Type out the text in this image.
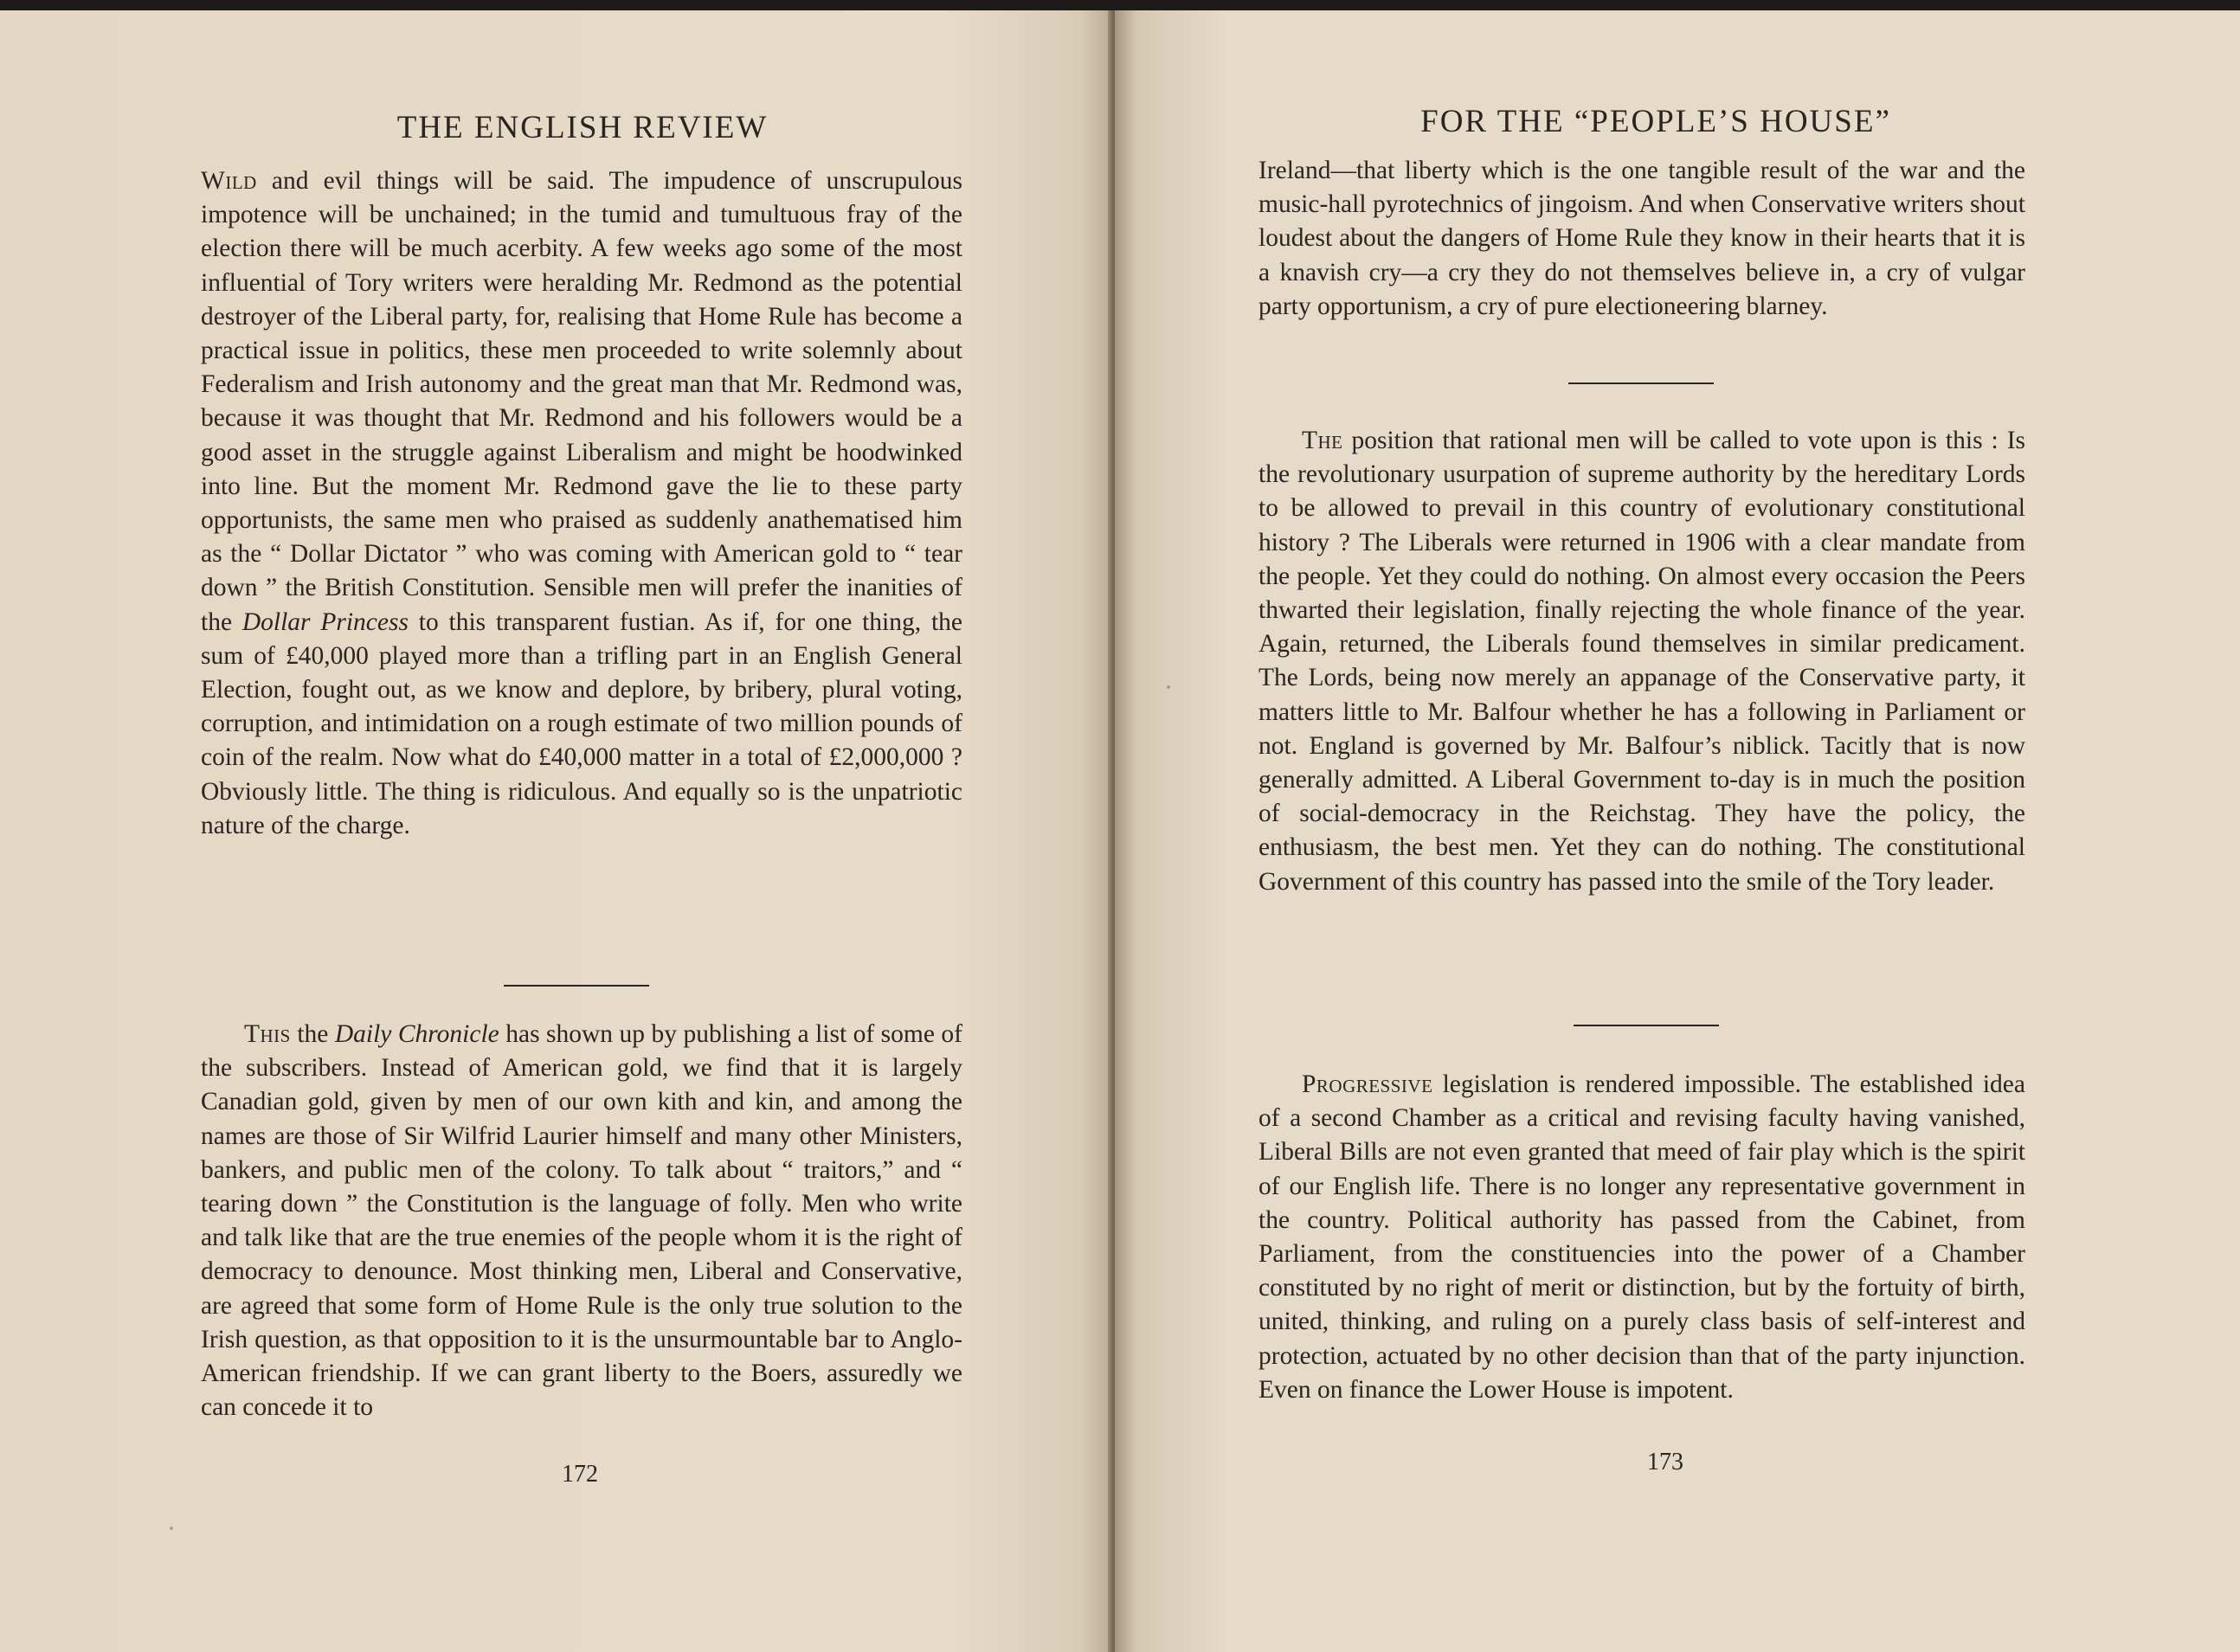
THE ENGLISH REVIEW

Wild and evil things will be said. The impudence of unscrupulous impotence will be unchained; in the tumid and tumultuous fray of the election there will be much acerbity. A few weeks ago some of the most influential of Tory writers were heralding Mr. Redmond as the potential destroyer of the Liberal party, for, realising that Home Rule has become a practical issue in politics, these men proceeded to write solemnly about Federalism and Irish autonomy and the great man that Mr. Redmond was, because it was thought that Mr. Redmond and his followers would be a good asset in the struggle against Liberalism and might be hoodwinked into line. But the moment Mr. Redmond gave the lie to these party opportunists, the same men who praised as suddenly anathematised him as the “ Dollar Dictator ” who was coming with American gold to “ tear down ” the British Constitution. Sensible men will prefer the inanities of the Dollar Princess to this transparent fustian. As if, for one thing, the sum of £40,000 played more than a trifling part in an English General Election, fought out, as we know and deplore, by bribery, plural voting, corruption, and intimidation on a rough estimate of two million pounds of coin of the realm. Now what do £40,000 matter in a total of £2,000,000 ? Obviously little. The thing is ridiculous. And equally so is the unpatriotic nature of the charge.

This the Daily Chronicle has shown up by publishing a list of some of the subscribers. Instead of American gold, we find that it is largely Canadian gold, given by men of our own kith and kin, and among the names are those of Sir Wilfrid Laurier himself and many other Ministers, bankers, and public men of the colony. To talk about “ traitors,” and “ tearing down ” the Constitution is the language of folly. Men who write and talk like that are the true enemies of the people whom it is the right of democracy to denounce. Most thinking men, Liberal and Conservative, are agreed that some form of Home Rule is the only true solution to the Irish question, as that opposition to it is the unsurmountable bar to Anglo-American friendship. If we can grant liberty to the Boers, assuredly we can concede it to

172
FOR THE “PEOPLE’S HOUSE”

Ireland—that liberty which is the one tangible result of the war and the music-hall pyrotechnics of jingoism. And when Conservative writers shout loudest about the dangers of Home Rule they know in their hearts that it is a knavish cry—a cry they do not themselves believe in, a cry of vulgar party opportunism, a cry of pure electioneering blarney.

The position that rational men will be called to vote upon is this : Is the revolutionary usurpation of supreme authority by the hereditary Lords to be allowed to prevail in this country of evolutionary constitutional history ? The Liberals were returned in 1906 with a clear mandate from the people. Yet they could do nothing. On almost every occasion the Peers thwarted their legislation, finally rejecting the whole finance of the year. Again, returned, the Liberals found themselves in similar predicament. The Lords, being now merely an appanage of the Conservative party, it matters little to Mr. Balfour whether he has a following in Parliament or not. England is governed by Mr. Balfour’s niblick. Tacitly that is now generally admitted. A Liberal Government to-day is in much the position of social-democracy in the Reichstag. They have the policy, the enthusiasm, the best men. Yet they can do nothing. The constitutional Government of this country has passed into the smile of the Tory leader.

Progressive legislation is rendered impossible. The established idea of a second Chamber as a critical and revising faculty having vanished, Liberal Bills are not even granted that meed of fair play which is the spirit of our English life. There is no longer any representative government in the country. Political authority has passed from the Cabinet, from Parliament, from the constituencies into the power of a Chamber constituted by no right of merit or distinction, but by the fortuity of birth, united, thinking, and ruling on a purely class basis of self-interest and protection, actuated by no other decision than that of the party injunction. Even on finance the Lower House is impotent.

173
